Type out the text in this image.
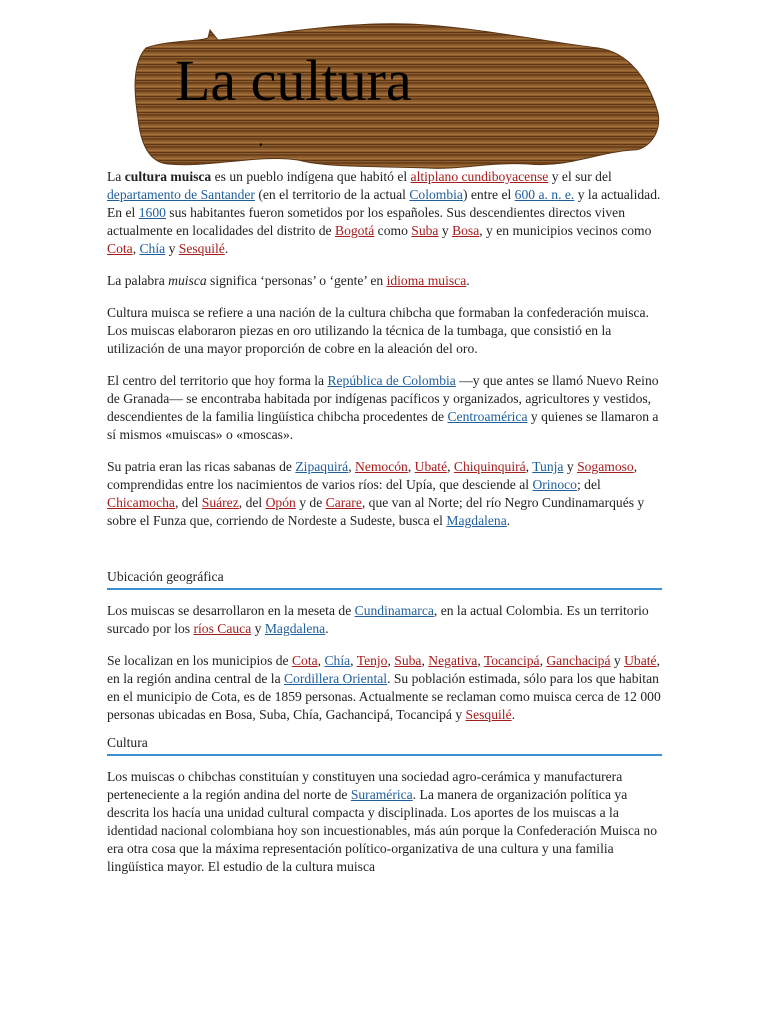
La cultura
.

La cultura muisca es un pueblo indígena que habitó el altiplano cundiboyacense y el sur del departamento de Santander (en el territorio de la actual Colombia) entre el 600 a. n. e. y la actualidad. En el 1600 sus habitantes fueron sometidos por los españoles. Sus descendientes directos viven actualmente en localidades del distrito de Bogotá como Suba y Bosa, y en municipios vecinos como Cota, Chía y Sesquilé.

La palabra muisca significa ‘personas’ o ‘gente’ en idioma muisca.

Cultura muisca se refiere a una nación de la cultura chibcha que formaban la confederación muisca. Los muiscas elaboraron piezas en oro utilizando la técnica de la tumbaga, que consistió en la utilización de una mayor proporción de cobre en la aleación del oro.

El centro del territorio que hoy forma la República de Colombia —y que antes se llamó Nuevo Reino de Granada— se encontraba habitada por indígenas pacíficos y organizados, agricultores y vestidos, descendientes de la familia lingüística chibcha procedentes de Centroamérica y quienes se llamaron a sí mismos «muiscas» o «moscas».

Su patria eran las ricas sabanas de Zipaquirá, Nemocón, Ubaté, Chiquinquirá, Tunja y Sogamoso, comprendidas entre los nacimientos de varios ríos: del Upía, que desciende al Orinoco; del Chicamocha, del Suárez, del Opón y de Carare, que van al Norte; del río Negro Cundinamarqués y sobre el Funza que, corriendo de Nordeste a Sudeste, busca el Magdalena.

Ubicación geográfica

Los muiscas se desarrollaron en la meseta de Cundinamarca, en la actual Colombia. Es un territorio surcado por los ríos Cauca y Magdalena.

Se localizan en los municipios de Cota, Chía, Tenjo, Suba, Negativa, Tocancipá, Ganchacipá y Ubaté, en la región andina central de la Cordillera Oriental. Su población estimada, sólo para los que habitan en el municipio de Cota, es de 1859 personas. Actualmente se reclaman como muisca cerca de 12 000 personas ubicadas en Bosa, Suba, Chía, Gachancipá, Tocancipá y Sesquilé.

Cultura

Los muiscas o chibchas constituían y constituyen una sociedad agro-cerámica y manufacturera perteneciente a la región andina del norte de Suramérica. La manera de organización política ya descrita los hacía una unidad cultural compacta y disciplinada. Los aportes de los muiscas a la identidad nacional colombiana hoy son incuestionables, más aún porque la Confederación Muisca no era otra cosa que la máxima representación político-organizativa de una cultura y una familia lingüística mayor. El estudio de la cultura muisca
